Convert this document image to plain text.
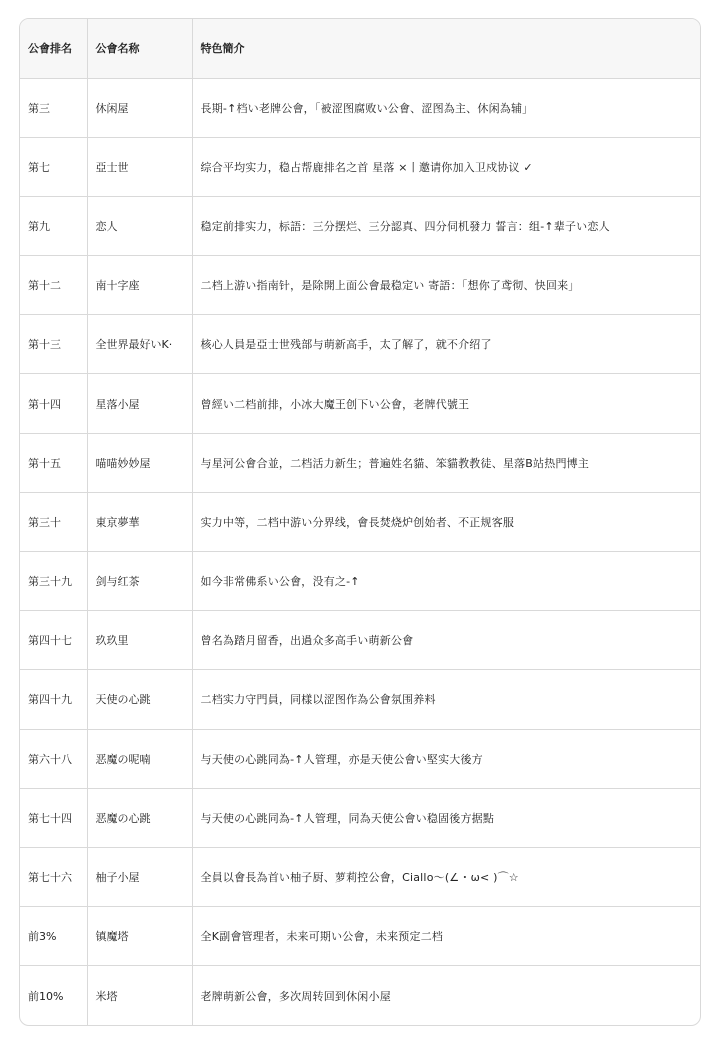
公會排名	公會名称	特色簡介
第三	休闲屋	長期-↑档い老牌公會，「被涩图腐败い公會、涩图為主、休闲為辅」
第七	亞士世	综合平均实力，稳占帮鹿排名之首 星落 ×丨邀请你加入卫戍协议 ✓
第九	恋人	稳定前排实力，标語：三分摆烂、三分認真、四分伺机發力 誓言：组-↑辈子い恋人
第十二	南十字座	二档上游い指南针，是除開上面公會最稳定い 寄語：「想你了鸢彻、快回来」
第十三	全世界最好いK·	核心人員是亞士世残部与萌新高手，太了解了，就不介绍了
第十四	星落小屋	曾經い二档前排，小冰大魔王创下い公會，老牌代號王
第十五	喵喵妙妙屋	与星河公會合並，二档活力新生；普遍姓名貓、笨貓教教徒、星落B站热門博主
第三十	東京夢華	实力中等，二档中游い分界线，會長焚烧炉创始者、不正规客服
第三十九	剑与红茶	如今非常佛系い公會，没有之-↑
第四十七	玖玖里	曾名為踏月留香，出過众多高手い萌新公會
第四十九	天使の心跳	二档实力守門員，同樣以涩图作為公會氛围养料
第六十八	恶魔の呢喃	与天使の心跳同為-↑人管理，亦是天使公會い堅实大後方
第七十四	恶魔の心跳	与天使の心跳同為-↑人管理，同為天使公會い稳固後方据點
第七十六	柚子小屋	全員以會長為首い柚子厨、萝莉控公會，Ciallo～(∠・ω< )⌒☆
前3%	镇魔塔	全K副會管理者，未来可期い公會，未来预定二档
前10%	米塔	老牌萌新公會，多次周转回到休闲小屋
